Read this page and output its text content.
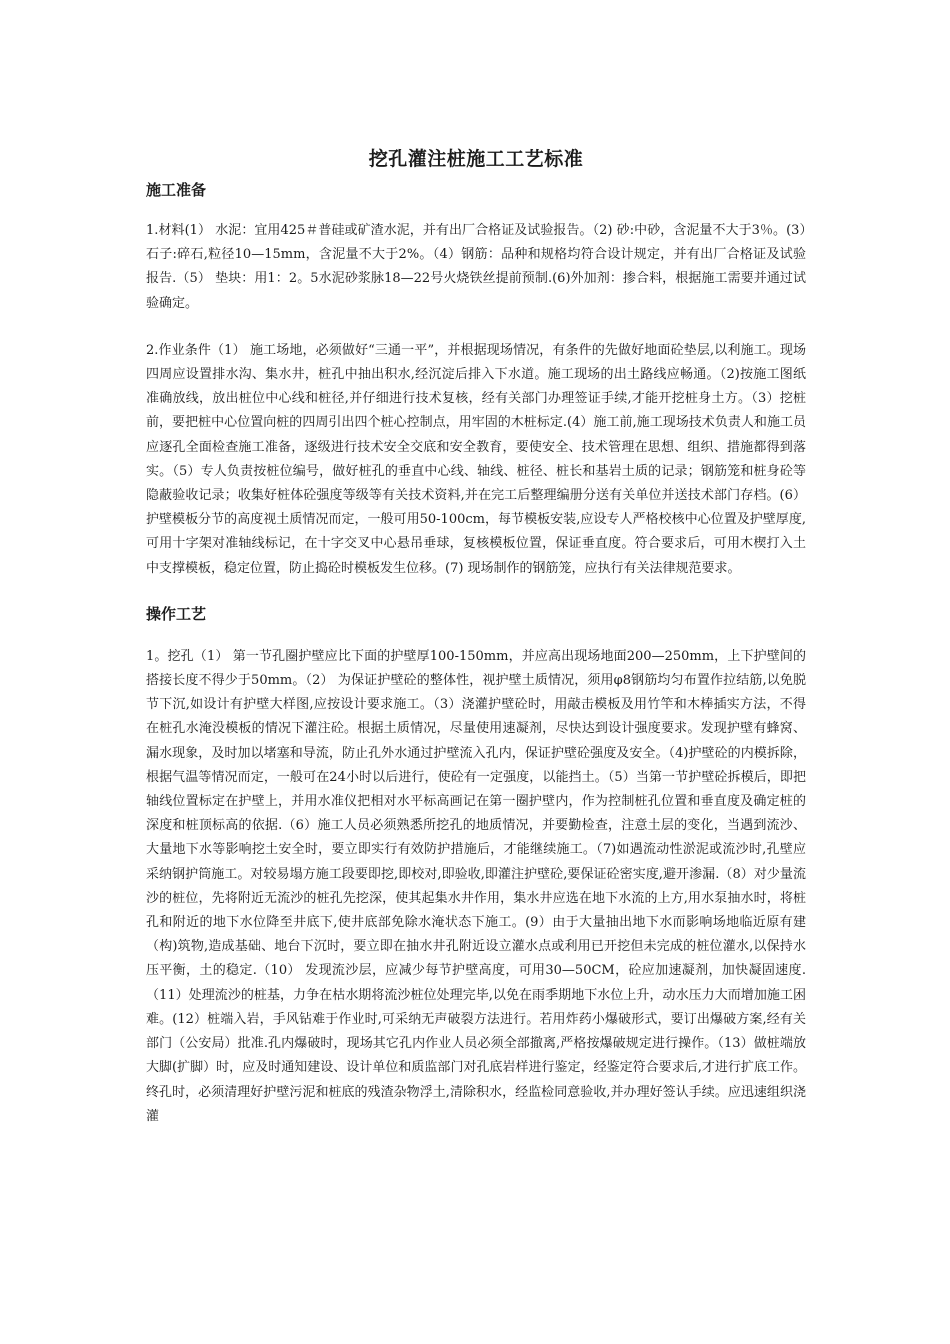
挖孔灌注桩施工工艺标准
施工准备

1.材料(1） 水泥：宜用425＃普硅或矿渣水泥，并有出厂合格证及试验报告。（2) 砂:中砂，含泥量不大于3％。(3）石子:碎石,粒径10—15mm，含泥量不大于2%。（4）钢筋：品种和规格均符合设计规定，并有出厂合格证及试验报告.（5） 垫块：用1：2。5水泥砂浆脉18—22号火烧铁丝提前预制.(6)外加剂：掺合料，根据施工需要并通过试验确定。

2.作业条件（1） 施工场地，必须做好“三通一平”，并根据现场情况，有条件的先做好地面砼垫层,以利施工。现场四周应设置排水沟、集水井，桩孔中抽出积水,经沉淀后排入下水道。施工现场的出土路线应畅通。（2)按施工图纸准确放线，放出桩位中心线和桩径,并仔细进行技术复核，经有关部门办理签证手续,才能开挖桩身土方。（3）挖桩前，要把桩中心位置向桩的四周引出四个桩心控制点，用牢固的木桩标定.(4）施工前,施工现场技术负责人和施工员应逐孔全面检查施工准备，逐级进行技术安全交底和安全教育，要使安全、技术管理在思想、组织、措施都得到落实。（5）专人负责按桩位编号，做好桩孔的垂直中心线、轴线、桩径、桩长和基岩土质的记录；钢筋笼和桩身砼等隐蔽验收记录；收集好桩体砼强度等级等有关技术资料,并在完工后整理编册分送有关单位并送技术部门存档。(6） 护壁模板分节的高度视土质情况而定，一般可用50-100cm，每节模板安装,应设专人严格校核中心位置及护壁厚度,可用十字架对准轴线标记，在十字交叉中心悬吊垂球，复核模板位置，保证垂直度。符合要求后，可用木楔打入土中支撑模板，稳定位置，防止捣砼时模板发生位移。(7) 现场制作的钢筋笼，应执行有关法律规范要求。

操作工艺

1。挖孔（1） 第一节孔圈护壁应比下面的护壁厚100-150mm，并应高出现场地面200—250mm，上下护壁间的搭接长度不得少于50mm。（2） 为保证护壁砼的整体性，视护壁土质情况，须用φ8钢筋均匀布置作拉结筋,以免脱节下沉,如设计有护壁大样图,应按设计要求施工。（3）浇灌护壁砼时，用敲击模板及用竹竿和木棒插实方法，不得在桩孔水淹没模板的情况下灌注砼。根据土质情况，尽量使用速凝剂，尽快达到设计强度要求。发现护壁有蜂窝、漏水现象，及时加以堵塞和导流，防止孔外水通过护壁流入孔内，保证护壁砼强度及安全。（4)护壁砼的内模拆除，根据气温等情况而定，一般可在24小时以后进行，使砼有一定强度，以能挡土。（5）当第一节护壁砼拆模后，即把轴线位置标定在护壁上，并用水准仪把相对水平标高画记在第一圈护壁内，作为控制桩孔位置和垂直度及确定桩的深度和桩顶标高的依据.（6）施工人员必须熟悉所挖孔的地质情况，并要勤检查，注意土层的变化，当遇到流沙、大量地下水等影响挖土安全时，要立即实行有效防护措施后，才能继续施工。（7)如遇流动性淤泥或流沙时,孔壁应采纳钢护筒施工。对较易塌方施工段要即挖,即校对,即验收,即灌注护壁砼,要保证砼密实度,避开渗漏.（8）对少量流沙的桩位，先将附近无流沙的桩孔先挖深，使其起集水井作用，集水井应选在地下水流的上方,用水泵抽水时，将桩孔和附近的地下水位降至井底下,使井底部免除水淹状态下施工。(9）由于大量抽出地下水而影响场地临近原有建（构)筑物,造成基础、地台下沉时，要立即在抽水井孔附近设立灌水点或利用已开挖但未完成的桩位灌水,以保持水压平衡，土的稳定.（10） 发现流沙层，应减少每节护壁高度，可用30—50CM，砼应加速凝剂，加快凝固速度.（11）处理流沙的桩基，力争在枯水期将流沙桩位处理完毕,以免在雨季期地下水位上升，动水压力大而增加施工困难。(12）桩端入岩，手风钻难于作业时,可采纳无声破裂方法进行。若用炸药小爆破形式，要订出爆破方案,经有关部门（公安局）批准.孔内爆破时，现场其它孔内作业人员必须全部撤离,严格按爆破规定进行操作。（13）做桩端放大脚(扩脚）时，应及时通知建设、设计单位和质监部门对孔底岩样进行鉴定，经鉴定符合要求后,才进行扩底工作。终孔时，必须清理好护壁污泥和桩底的残渣杂物浮土,清除积水，经监检同意验收,并办理好签认手续。应迅速组织浇灌
